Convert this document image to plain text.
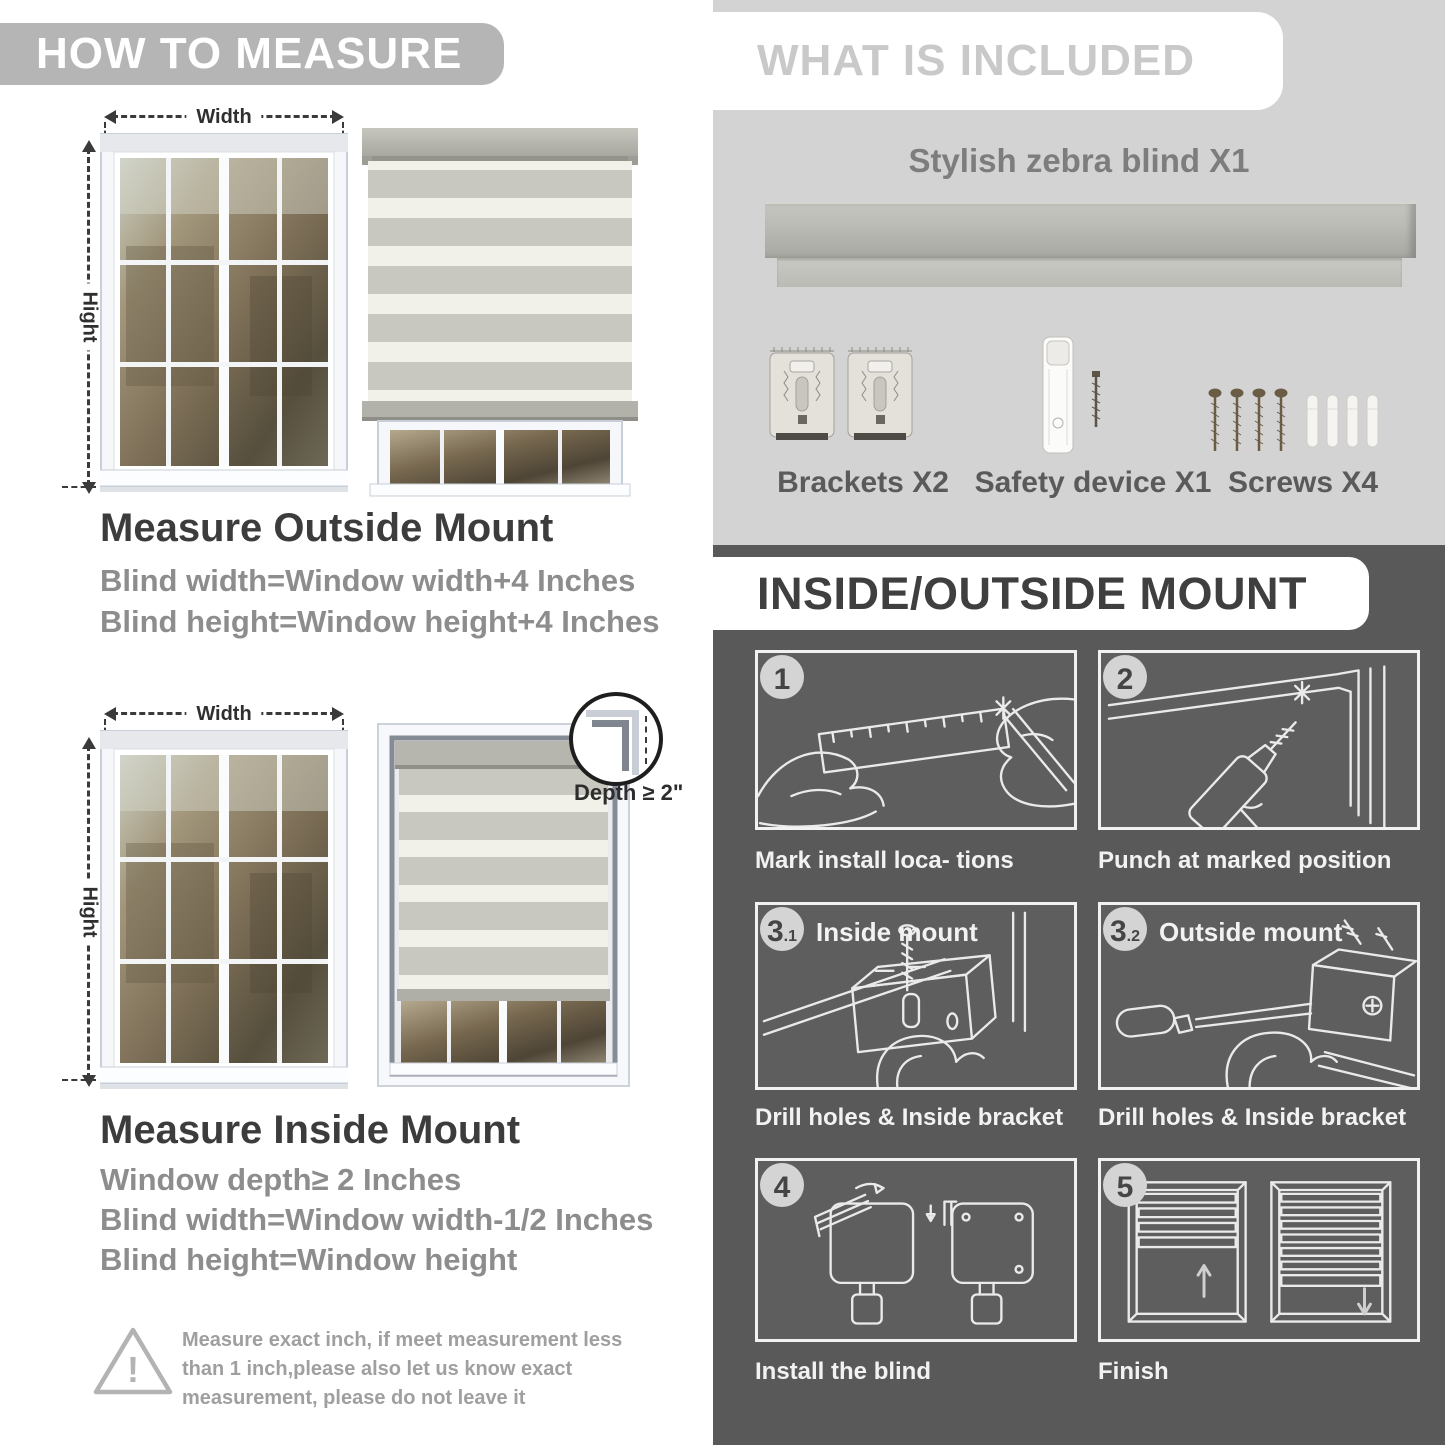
HOW TO MEASURE
Width
Hight
Measure Outside Mount
Blind width=Window width+4 Inches
Blind height=Window height+4 Inches
Width
Hight
Depth ≥ 2"
Measure Inside Mount
Window depth≥ 2 Inches
Blind width=Window width-1/2 Inches
Blind height=Window height
!
Measure exact inch, if meet measurement less than 1 inch,please also let us know exact measurement, please do not leave it
WHAT IS INCLUDED
Stylish zebra blind X1
Brackets X2 Safety device X1 Screws X4
INSIDE/OUTSIDE MOUNT
1
Mark install loca- tions
2
Punch at marked position
3 .1 Inside mount
Drill holes & Inside bracket
3 .2 Outside mount
Drill holes & Inside bracket
4
Install the blind
5
Finish
